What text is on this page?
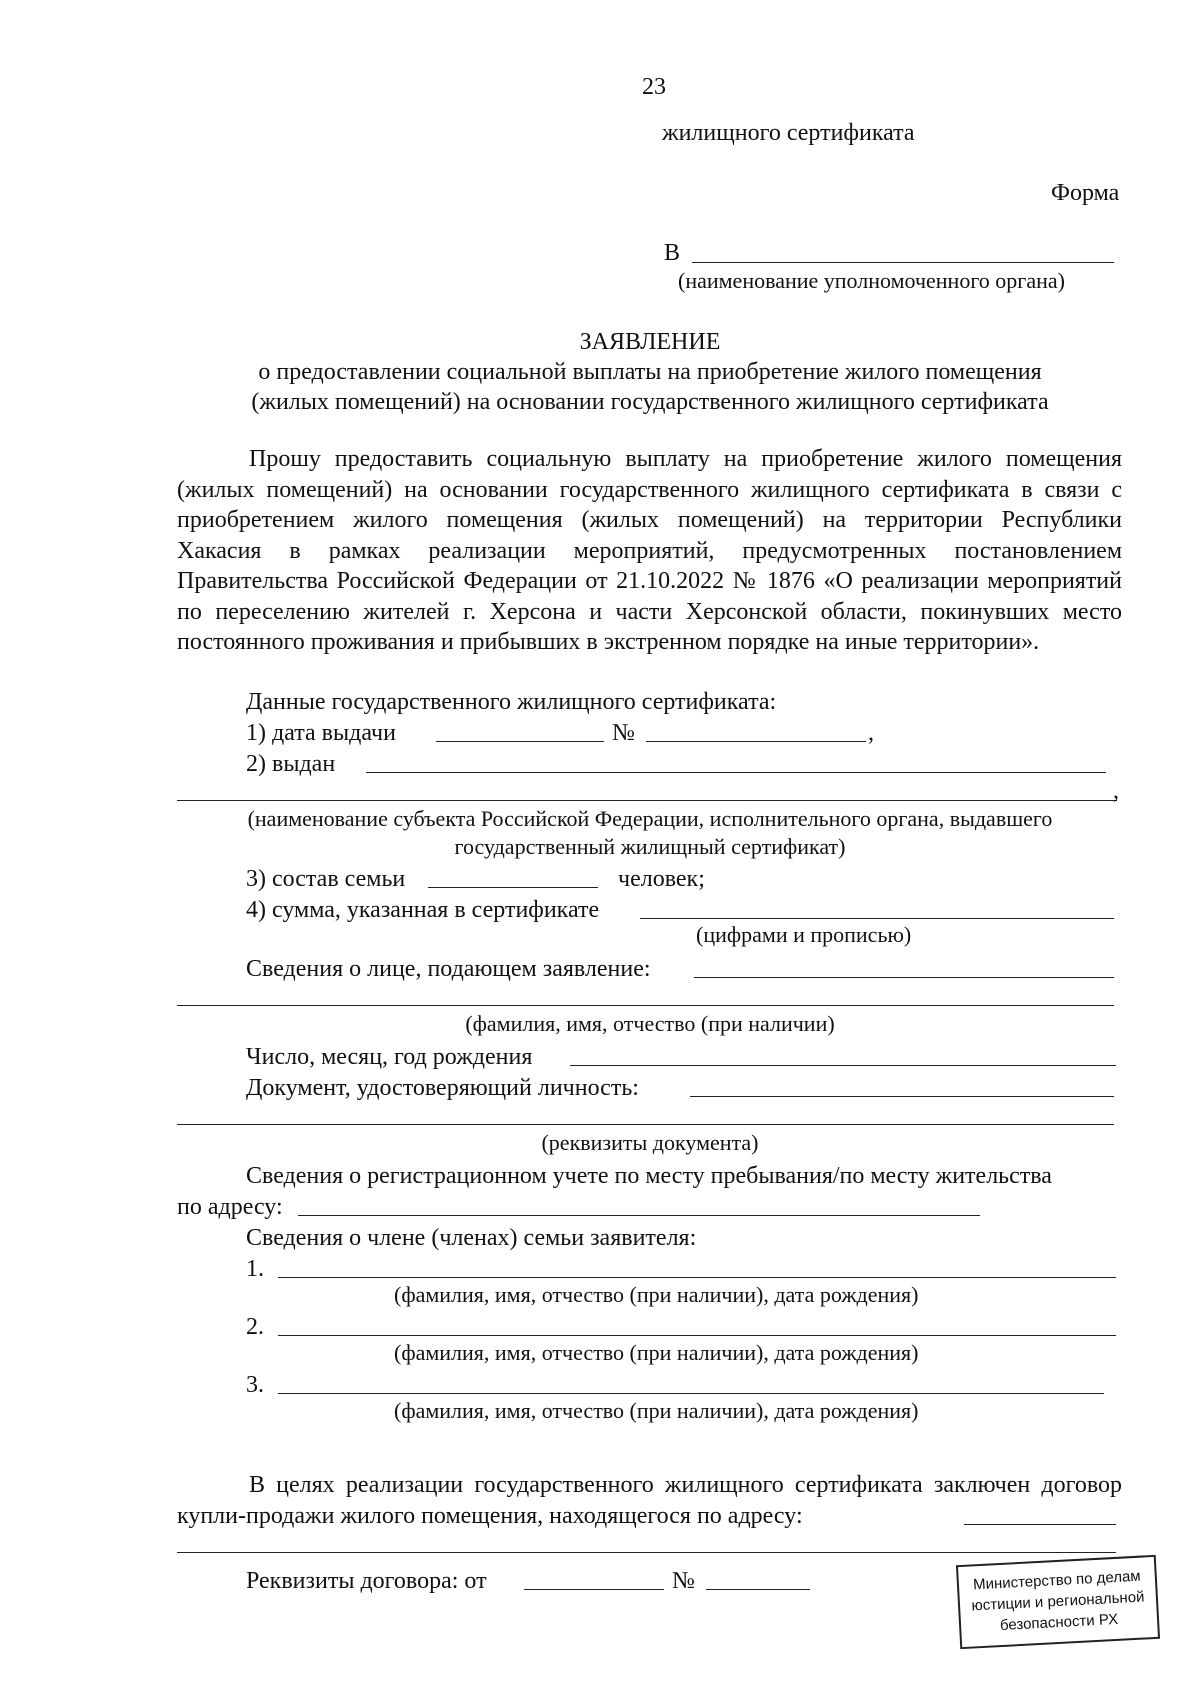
23
жилищного сертификата
Форма
В
(наименование уполномоченного органа)
ЗАЯВЛЕНИЕ
о предоставлении социальной выплаты на приобретение жилого помещения
(жилых помещений) на основании государственного жилищного сертификата
Прошу предоставить социальную выплату на приобретение жилого помещения (жилых помещений) на основании государственного жилищного сертификата в связи с приобретением жилого помещения (жилых помещений) на территории Республики Хакасия в рамках реализации мероприятий, предусмотренных постановлением Правительства Российской Федерации от 21.10.2022 № 1876 «О реализации мероприятий по переселению жителей г. Херсона и части Херсонской области, покинувших место постоянного проживания и прибывших в экстренном порядке на иные территории».
Данные государственного жилищного сертификата:
1) дата выдачи	№	,
2) выдан
,
(наименование субъекта Российской Федерации, исполнительного органа, выдавшего
государственный жилищный сертификат)
3) состав семьи	человек;
4) сумма, указанная в сертификате
(цифрами и прописью)
Сведения о лице, подающем заявление:
(фамилия, имя, отчество (при наличии)
Число, месяц, год рождения
Документ, удостоверяющий личность:
(реквизиты документа)
Сведения о регистрационном учете по месту пребывания/по месту жительства
по адресу:
Сведения о члене (членах) семьи заявителя:
1.
(фамилия, имя, отчество (при наличии), дата рождения)
2.
(фамилия, имя, отчество (при наличии), дата рождения)
3.
(фамилия, имя, отчество (при наличии), дата рождения)
В целях реализации государственного жилищного сертификата заключен договор купли-продажи жилого помещения, находящегося по адресу:
Реквизиты договора: от	№	Министерство по делам
юстиции и региональной
безопасности РХ
